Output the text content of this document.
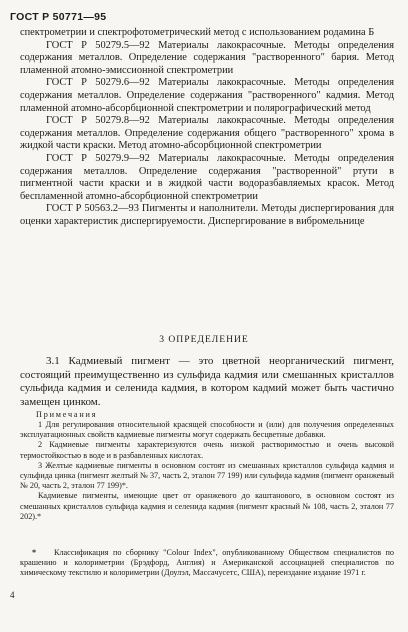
ГОСТ Р 50771—95

спектрометрии и спектрофотометрический метод с использованием родамина Б

ГОСТ Р 50279.5—92 Материалы лакокрасочные. Методы определения содержания металлов. Определение содержания "растворенного" бария. Метод пламенной атомно-эмиссионной спектрометрии

ГОСТ Р 50279.6—92 Материалы лакокрасочные. Методы определения содержания металлов. Определение содержания "растворенного" кадмия. Метод пламенной атомно-абсорбционной спектрометрии и полярографический метод

ГОСТ Р 50279.8—92 Материалы лакокрасочные. Методы определения содержания металлов. Определение содержания общего "растворенного" хрома в жидкой части краски. Метод атомно-абсорбционной спектрометрии

ГОСТ Р 50279.9—92 Материалы лакокрасочные. Методы определения содержания металлов. Определение содержания "растворенной" ртути в пигментной части краски и в жидкой части водоразбавляемых красок. Метод беспламенной атомно-абсорбционной спектрометрии

ГОСТ Р 50563.2—93 Пигменты и наполнители. Методы диспергирования для оценки характеристик диспергируемости. Диспергирование в вибромельнице

3 ОПРЕДЕЛЕНИЕ

3.1 Кадмиевый пигмент — это цветной неорганический пигмент, состоящий преимущественно из сульфида кадмия или смешанных кристаллов сульфида кадмия и селенида кадмия, в котором кадмий может быть частично замещен цинком.

Примечания

1 Для регулирования относительной красящей способности и (или) для получения определенных эксплуатационных свойств кадмиевые пигменты могут содержать бесцветные добавки.

2 Кадмиевые пигменты характеризуются очень низкой растворимостью и очень высокой термостойкостью в воде и в разбавленных кислотах.

3 Желтые кадмиевые пигменты в основном состоят из смешанных кристаллов сульфида кадмия и сульфида цинка (пигмент желтый № 37, часть 2, эталон 77 199) или сульфида кадмия (пигмент оранжевый № 20, часть 2, эталон 77 199)*.

Кадмиевые пигменты, имеющие цвет от оранжевого до каштанового, в основном состоят из смешанных кристаллов сульфида кадмия и селенида кадмия (пигмент красный № 108, часть 2, эталон 77 202).*

* Классификация по сборнику "Colour Index", опубликованному Обществом специалистов по крашению и колориметрии (Брэдфорд, Англия) и Американской ассоциацией специалистов по химическому текстилю и колориметрии (Доулэл, Массачусетс, США), переиздание издание 1971 г.

4
